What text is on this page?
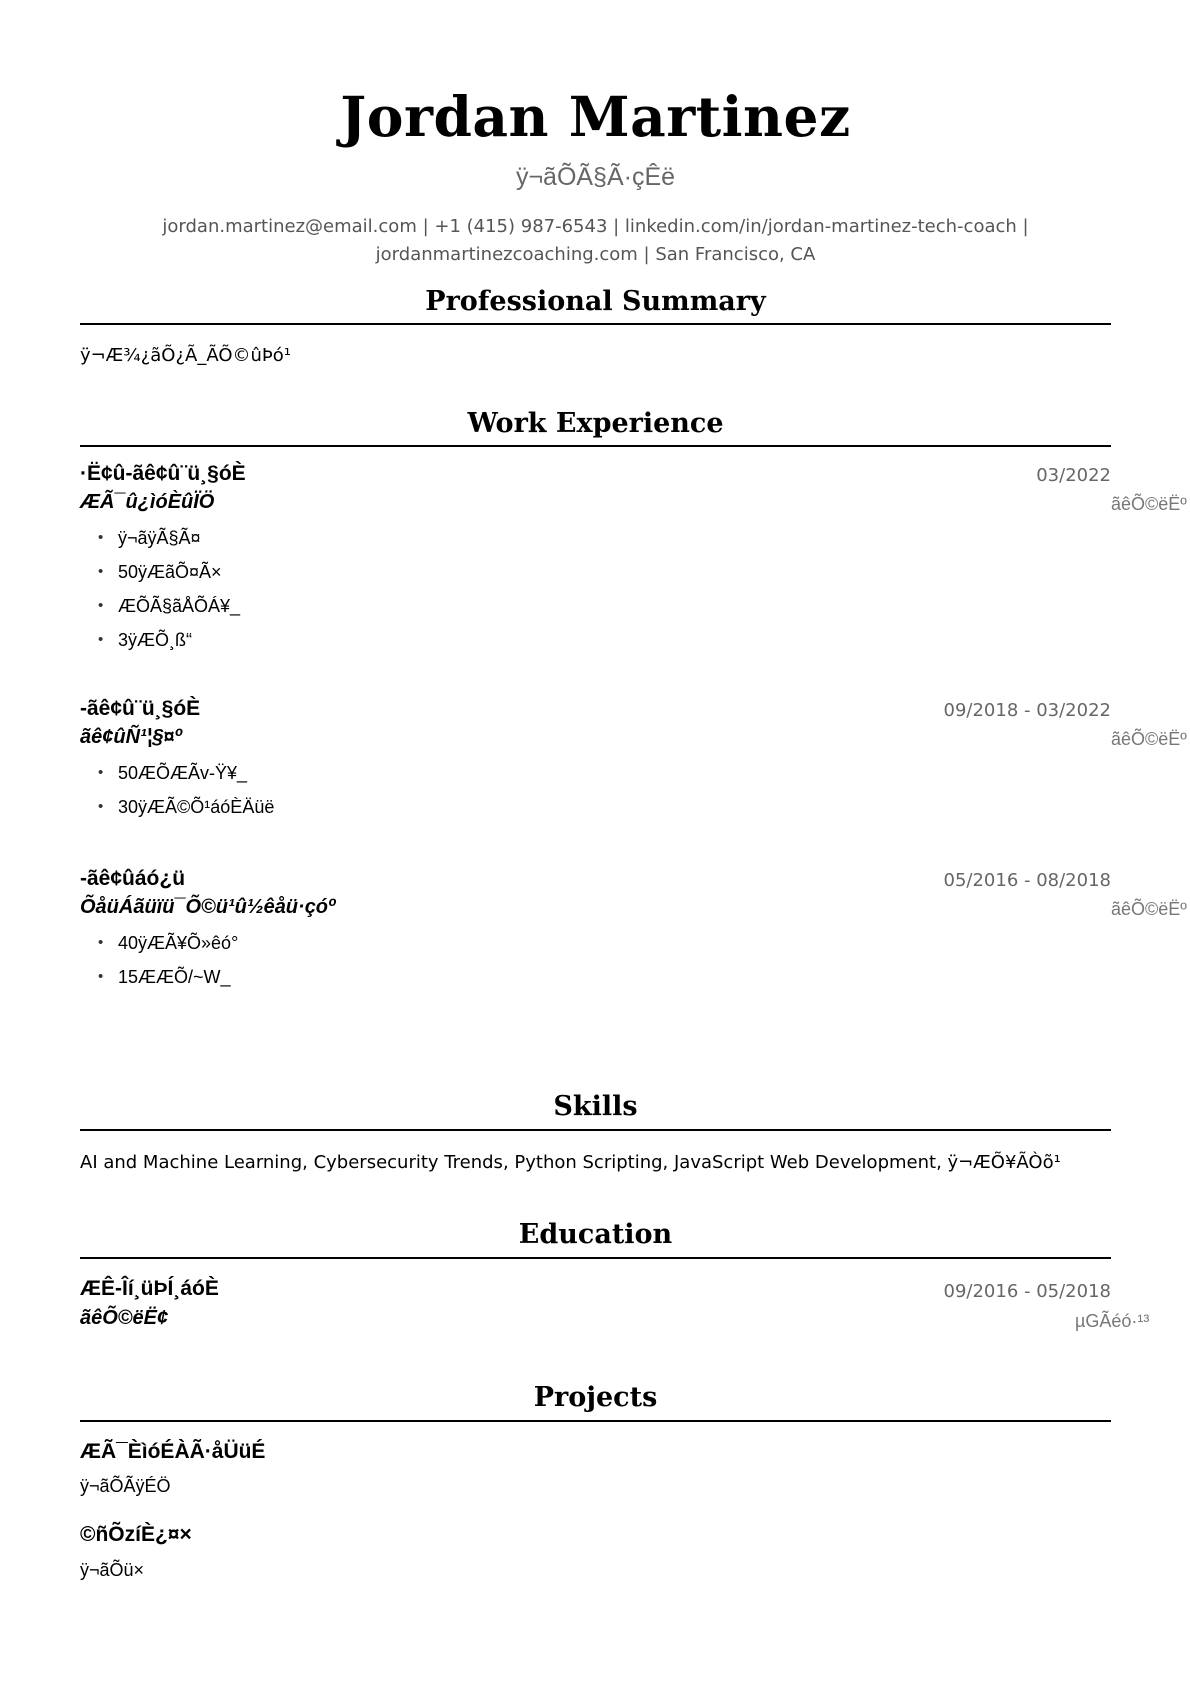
Jordan Martinez
ÿ¬ãÕÃ§Ã·çÊë
jordan.martinez@email.com | +1 (415) 987-6543 | linkedin.com/in/jordan-martinez-tech-coach |
jordanmartinezcoaching.com | San Francisco, CA
Professional Summary
ÿ¬Æ¾¿ãÕ¿Ã_ÃÕ©ûÞó¹
Work Experience
·Ë¢û-ãê¢û¨ü¸§óÈ	03/2022
ÆÃ¯û¿ìóÈûÏÖ	ãêÕ©ëËº
• ÿ¬ãÿÃ§Ã¤
• 50ÿÆãÕ¤Ã×
• ÆÕÃ§ãÅÕÁ¥_
• 3ÿÆÕ¸ß“
-ãê¢û¨ü¸§óÈ	09/2018 - 03/2022
ãê¢ûÑ¹¦§¤º	ãêÕ©ëËº
• 50ÆÕÆÃv-Ÿ¥_
• 30ÿÆÃ©Õ¹áóÈÄüë
-ãê¢ûáó¿ü	05/2016 - 08/2018
ÕåüÁãüïü¯Õ©ü¹û½êåü·çóº	ãêÕ©ëËº
• 40ÿÆÃ¥Õ»êó°
• 15ÆÆÕ/~W_
Skills
AI and Machine Learning, Cybersecurity Trends, Python Scripting, JavaScript Web Development, ÿ¬ÆÕ¥ÃÒõ¹
Education
ÆÊ-Îí¸üÞÍ¸áóÈ	09/2016 - 05/2018
ãêÕ©ëË¢	µGÃéó·¹³
Projects
ÆÃ¯ÈìóÉÀÃ·åÜüÉ
ÿ¬ãÕÃÿÉÖ
©ñÕzíÈ¿¤×
ÿ¬ãÕü×
